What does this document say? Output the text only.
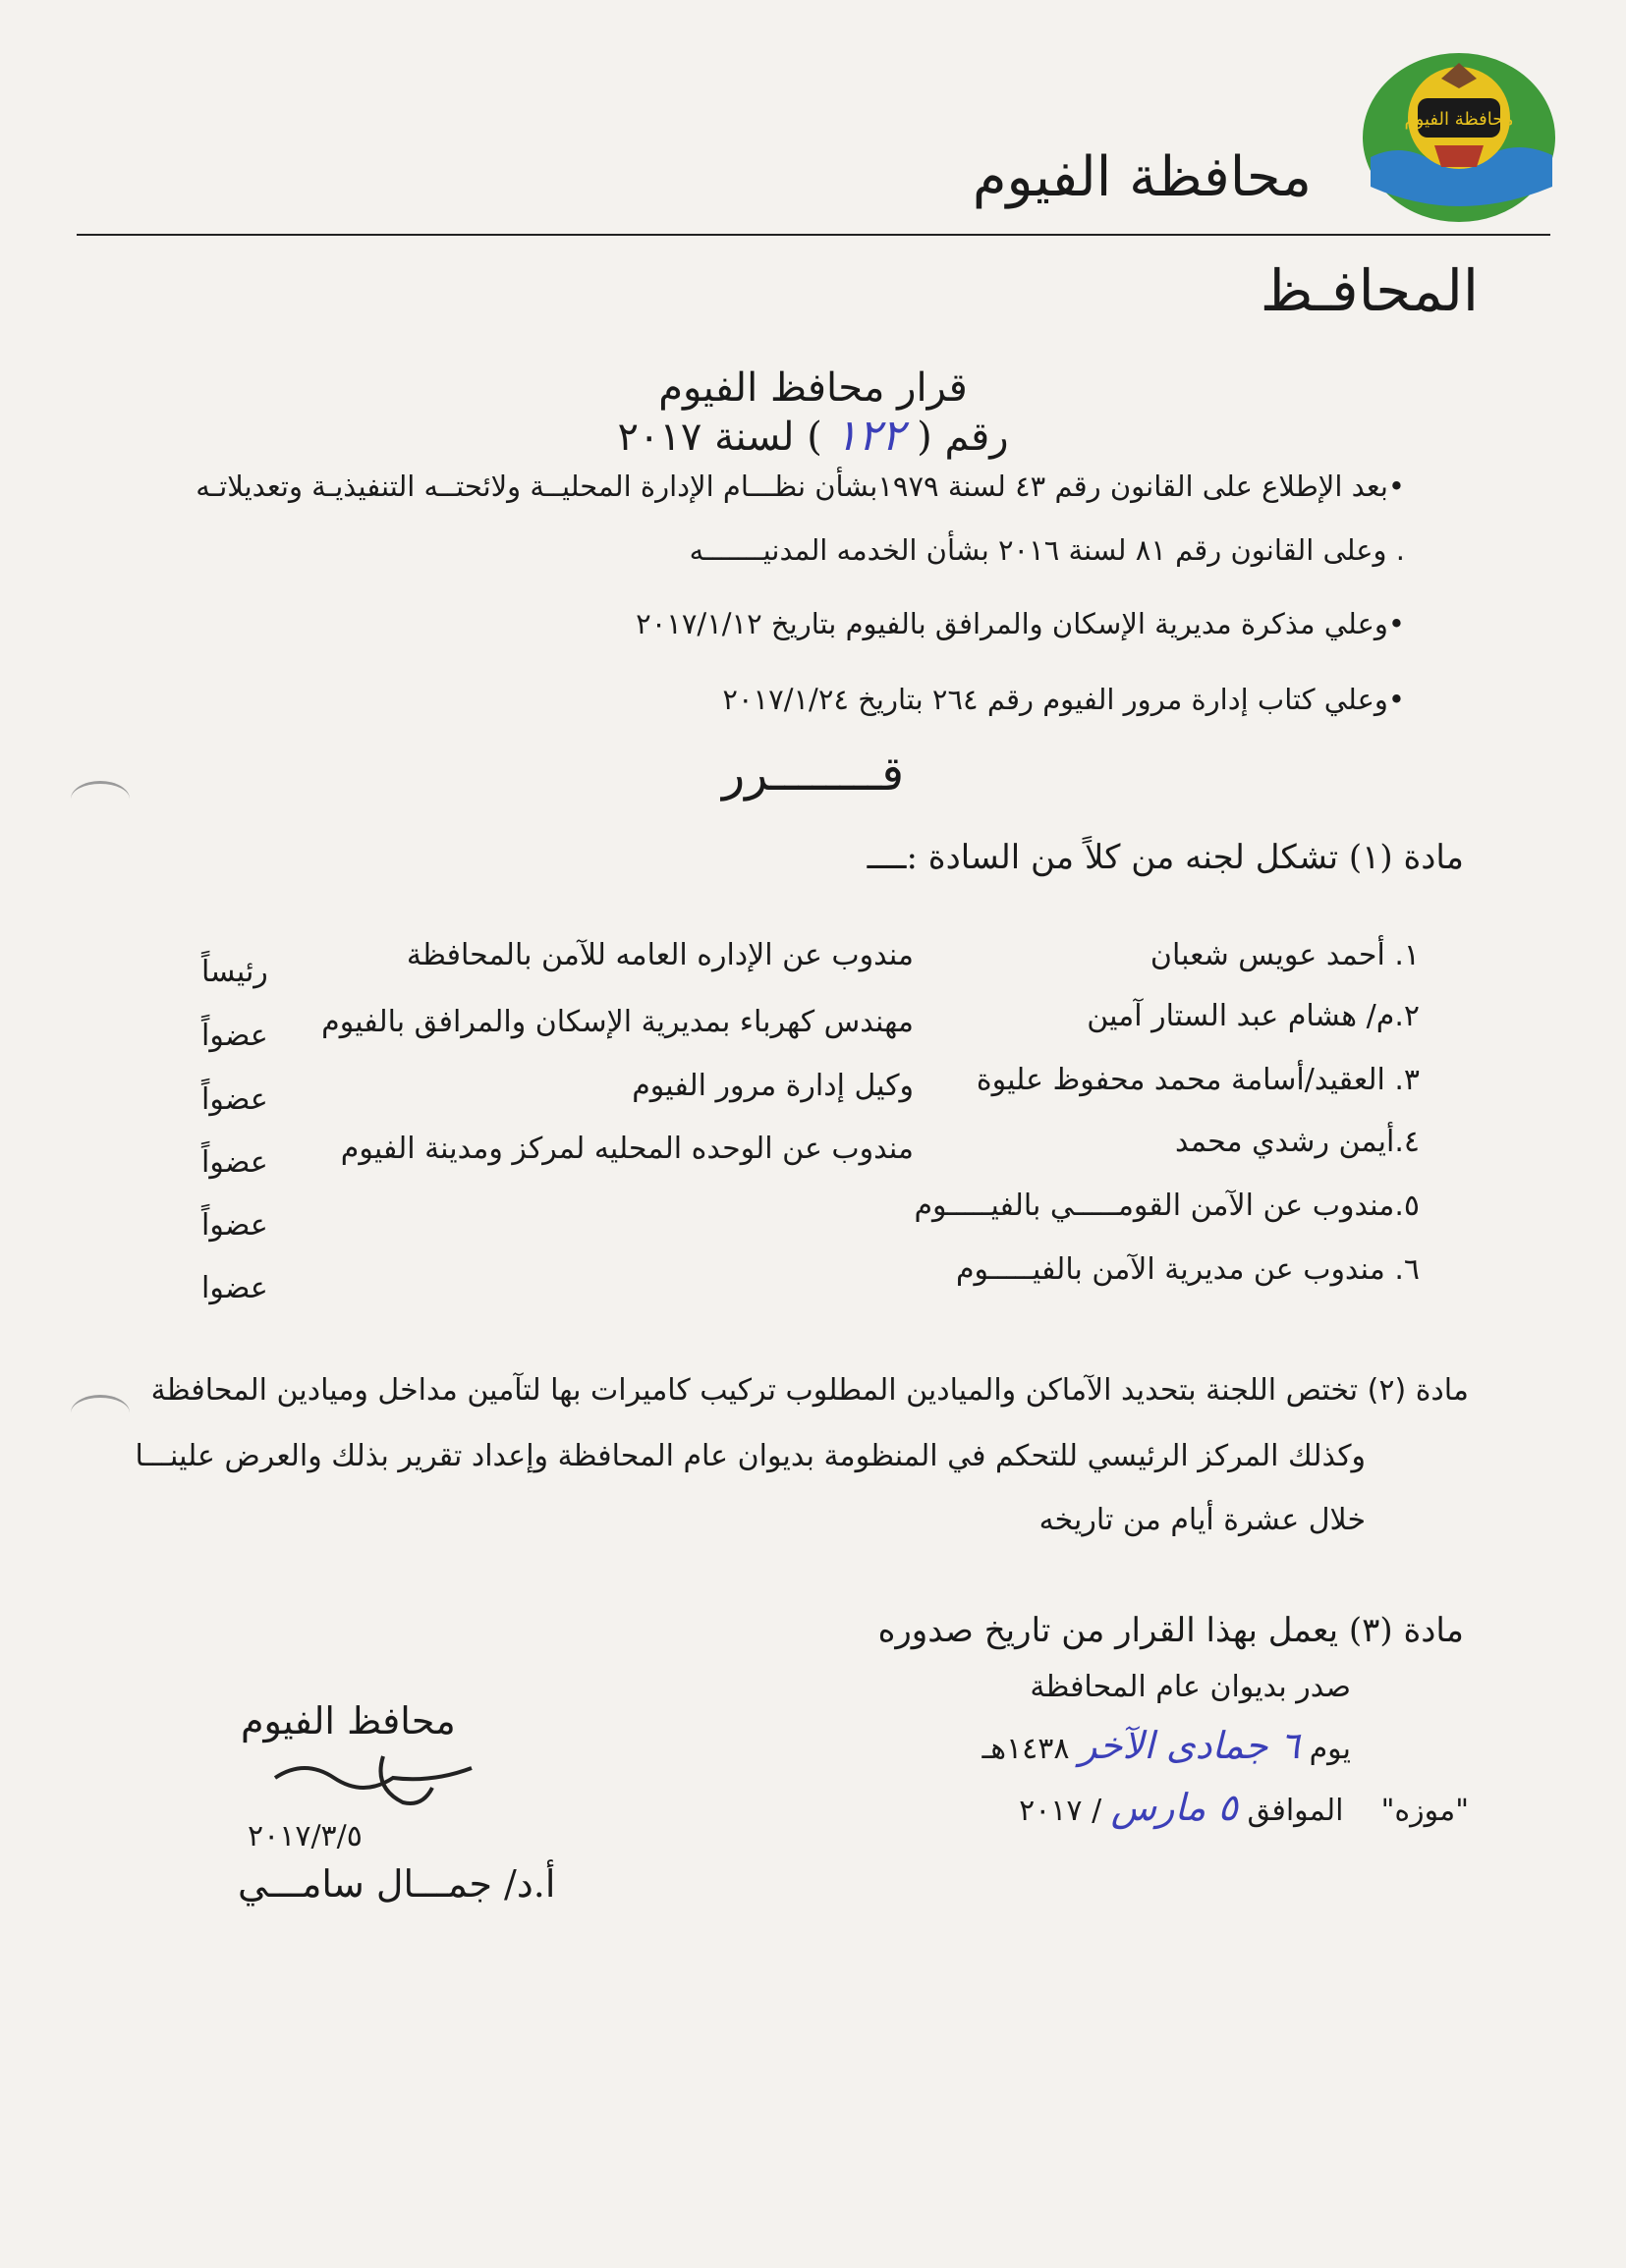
محافظة الفيوم
محافظة الفيوم
المحافـظ
قرار محافظ الفيوم
رقم ( ١٢٢ ) لسنة ٢٠١٧
•بعد الإطلاع على القانون رقم ٤٣ لسنة ١٩٧٩بشأن نظـــام الإدارة المحليــة ولائحتــه التنفيذيـة وتعديلاتـه
. وعلى القانون رقم ٨١ لسنة ٢٠١٦ بشأن الخدمه المدنيـــــــه
•وعلي مذكرة مديرية الإسكان والمرافق بالفيوم بتاريخ ٢٠١٧/١/١٢
•وعلي كتاب إدارة مرور الفيوم رقم ٢٦٤ بتاريخ ٢٠١٧/١/٢٤
قــــــــرر
مادة (١) تشكل لجنه من كلاً من السادة :ــــ
١. أحمد عويس شعبان
مندوب عن الإداره العامه للآمن بالمحافظة
رئيساً
٢.م/ هشام عبد الستار آمين
مهندس كهرباء بمديرية الإسكان والمرافق بالفيوم
عضواً
٣. العقيد/أسامة محمد محفوظ عليوة
وكيل إدارة مرور الفيوم
عضواً
٤.أيمن رشدي محمد
مندوب عن الوحده المحليه لمركز ومدينة الفيوم
عضواً
٥.مندوب عن الآمن القومـــــي بالفيـــــوم
عضواً
٦. مندوب عن مديرية الآمن بالفيـــــوم
عضوا
مادة (٢) تختص اللجنة بتحديد الآماكن والميادين المطلوب تركيب كاميرات بها لتآمين مداخل وميادين المحافظة
وكذلك المركز الرئيسي للتحكم في المنظومة بديوان عام المحافظة وإعداد تقرير بذلك والعرض علينـــا
خلال عشرة أيام من تاريخه
مادة (٣) يعمل بهذا القرار من تاريخ صدوره
صدر بديوان عام المحافظة
يوم ٦ جمادى الآخر ١٤٣٨هـ
"موزه"    الموافق ٥ مارس / ٢٠١٧
محافظ الفيوم
٢٠١٧/٣/٥
أ.د/ جمـــال سامـــي
